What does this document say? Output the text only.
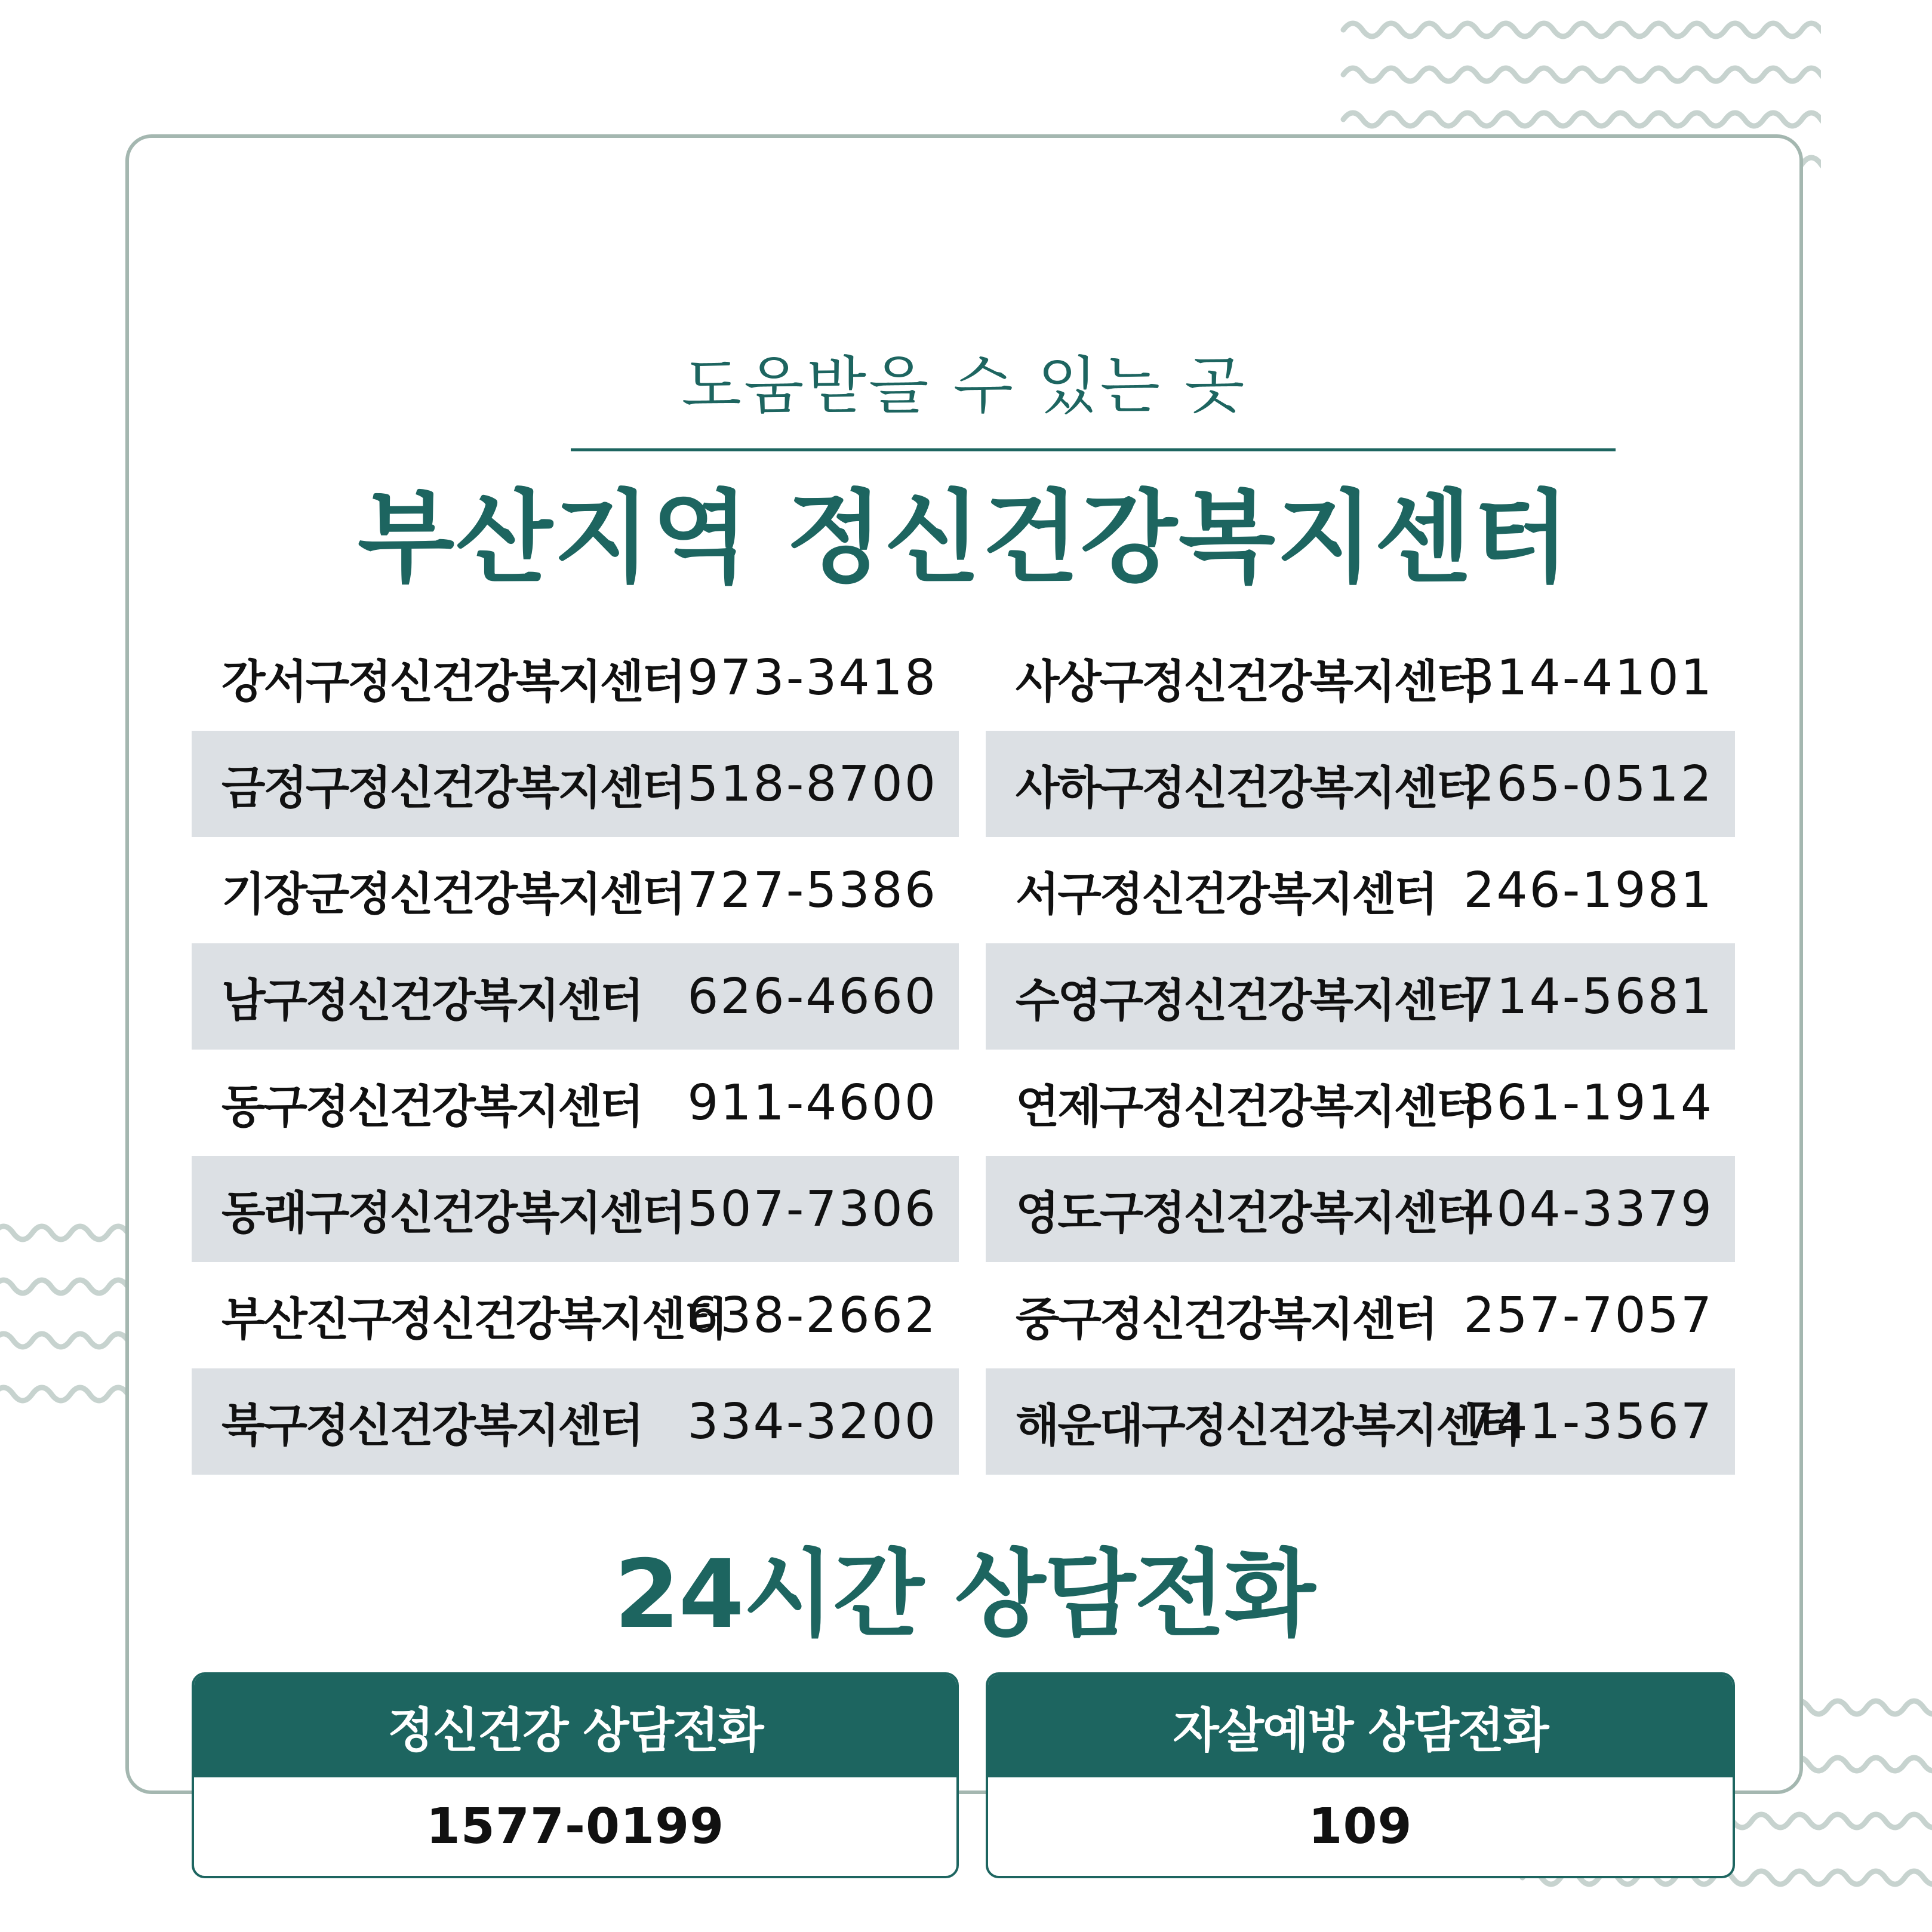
도움받을 수 있는 곳
부산지역 정신건강복지센터
강서구정신건강복지센터 973-3418 사상구정신건강복지센터
314-4101
금정구정신건강복지센터 518-8700 사하구정신건강복지센터
265-0512
기장군정신건강복지센터 727-5386 서구정신건강복지센터 246-1981
남구정신건강복지센터 626-4660 수영구정신건강복지센터
714-5681
동구정신건강복지센터 911-4600 연제구정신건강복지센터
861-1914
동래구정신건강복지센터 507-7306 영도구정신건강복지센터
404-3379
부산진구정신건강복지센터
638-2662 중구정신건강복지센터 257-7057
북구정신건강복지센터 334-3200 해운대구정신건강복지센터
741-3567
24시간 상담전화
정신건강 상담전화
1577-0199
자살예방 상담전화
109
